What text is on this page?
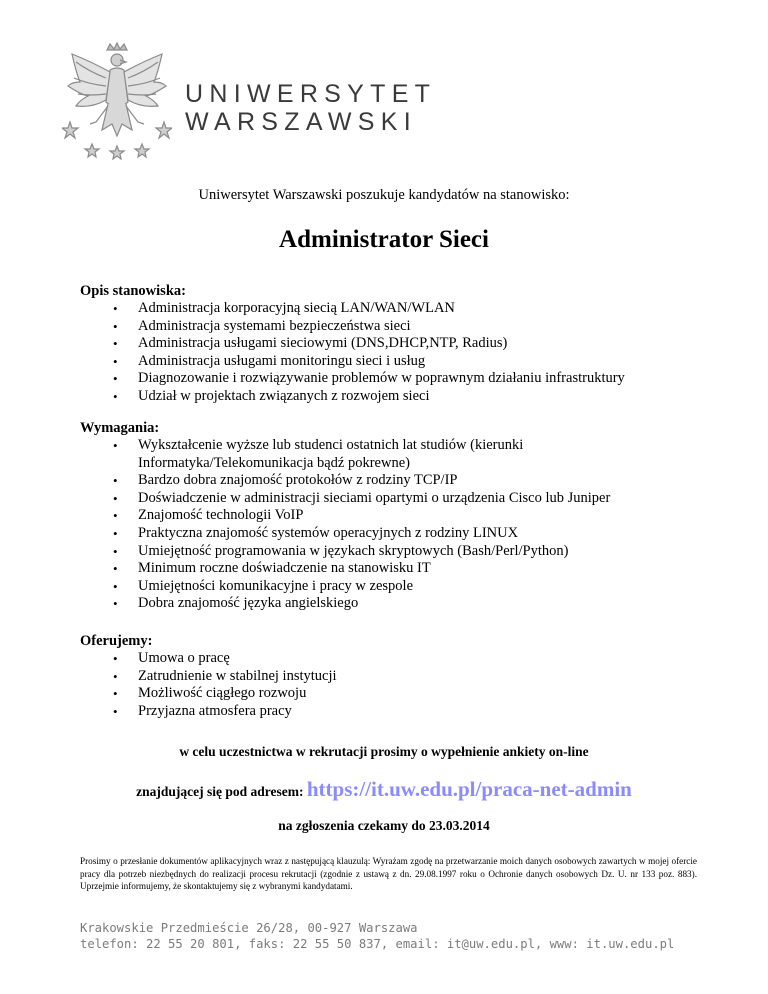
UNIWERSYTET
WARSZAWSKI
Uniwersytet Warszawski poszukuje kandydatów na stanowisko:
Administrator Sieci
Opis stanowiska:
• Administracja korporacyjną siecią LAN/WAN/WLAN
• Administracja systemami bezpieczeństwa sieci
• Administracja usługami sieciowymi (DNS,DHCP,NTP, Radius)
• Administracja usługami monitoringu sieci i usług
• Diagnozowanie i rozwiązywanie problemów w poprawnym działaniu infrastruktury
• Udział w projektach związanych z rozwojem sieci
Wymagania:
• Wykształcenie wyższe lub studenci ostatnich lat studiów (kierunki Informatyka/Telekomunikacja bądź pokrewne)
• Bardzo dobra znajomość protokołów z rodziny TCP/IP
• Doświadczenie w administracji sieciami opartymi o urządzenia Cisco lub Juniper
• Znajomość technologii VoIP
• Praktyczna znajomość systemów operacyjnych z rodziny LINUX
• Umiejętność programowania w językach skryptowych (Bash/Perl/Python)
• Minimum roczne doświadczenie na stanowisku IT
• Umiejętności komunikacyjne i pracy w zespole
• Dobra znajomość języka angielskiego
Oferujemy:
• Umowa o pracę
• Zatrudnienie w stabilnej instytucji
• Możliwość ciągłego rozwoju
• Przyjazna atmosfera pracy
w celu uczestnictwa w rekrutacji prosimy o wypełnienie ankiety on-line
znajdującej się pod adresem: https://it.uw.edu.pl/praca-net-admin
na zgłoszenia czekamy do 23.03.2014
Prosimy o przesłanie dokumentów aplikacyjnych wraz z następującą klauzulą: Wyrażam zgodę na przetwarzanie moich danych osobowych zawartych w mojej ofercie pracy dla potrzeb niezbędnych do realizacji procesu rekrutacji (zgodnie z ustawą z dn. 29.08.1997 roku o Ochronie danych osobowych Dz. U. nr 133 poz. 883). Uprzejmie informujemy, że skontaktujemy się z wybranymi kandydatami.
Krakowskie Przedmieście 26/28, 00-927 Warszawa
telefon: 22 55 20 801, faks: 22 55 50 837, email: it@uw.edu.pl, www: it.uw.edu.pl
